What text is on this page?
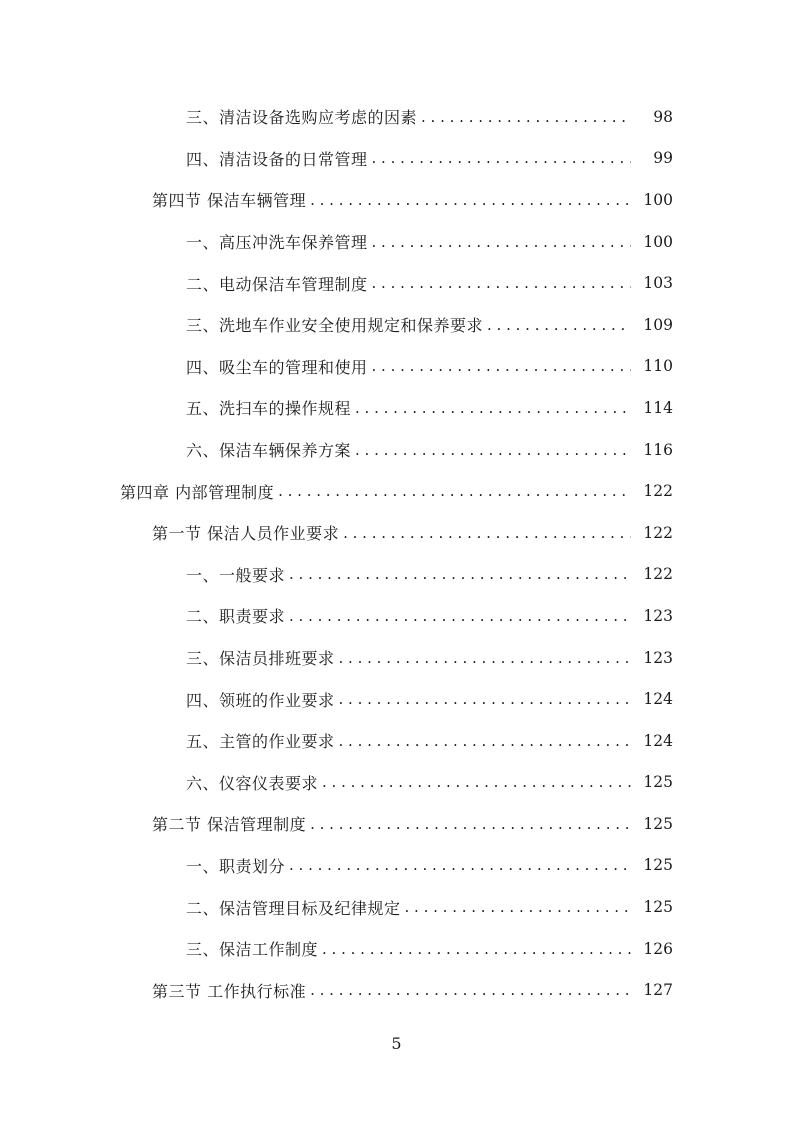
三、清洁设备选购应考虑的因素 . . .	98
四、清洁设备的日常管理 . . .	99
第四节 保洁车辆管理 . . .	100
一、高压冲洗车保养管理 . . .	100
二、电动保洁车管理制度 . . .	103
三、洗地车作业安全使用规定和保养要求 . . .	109
四、吸尘车的管理和使用 . . .	110
五、洗扫车的操作规程 . . .	114
六、保洁车辆保养方案 . . .	116
第四章 内部管理制度 . . .	122
第一节 保洁人员作业要求 . . .	122
一、一般要求 . . .	122
二、职责要求 . . .	123
三、保洁员排班要求 . . .	123
四、领班的作业要求 . . .	124
五、主管的作业要求 . . .	124
六、仪容仪表要求 . . .	125
第二节 保洁管理制度 . . .	125
一、职责划分 . . .	125
二、保洁管理目标及纪律规定 . . .	125
三、保洁工作制度 . . .	126
第三节 工作执行标准 . . .	127
5
